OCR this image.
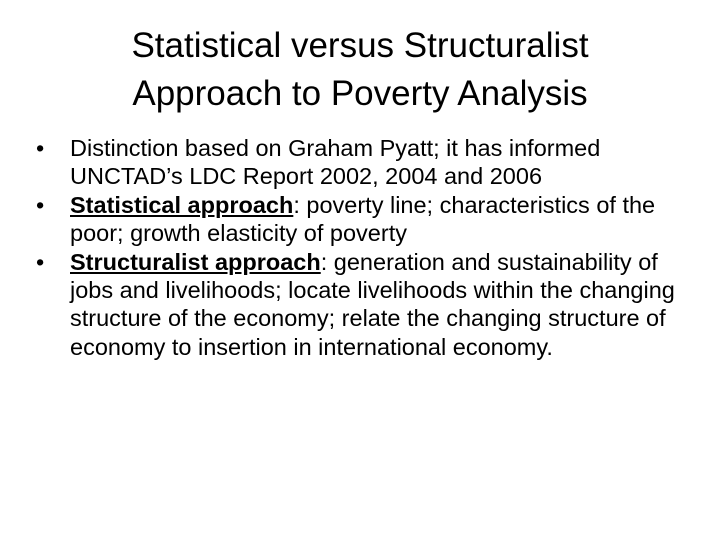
Statistical versus Structuralist
Approach to Poverty Analysis
•	Distinction based on Graham Pyatt; it has informed UNCTAD’s LDC Report 2002, 2004 and 2006
•	Statistical approach: poverty line; characteristics of the poor; growth elasticity of poverty
•	Structuralist approach: generation and sustainability of jobs and livelihoods; locate livelihoods within the changing structure of the economy; relate the changing structure of economy to insertion in international economy.
